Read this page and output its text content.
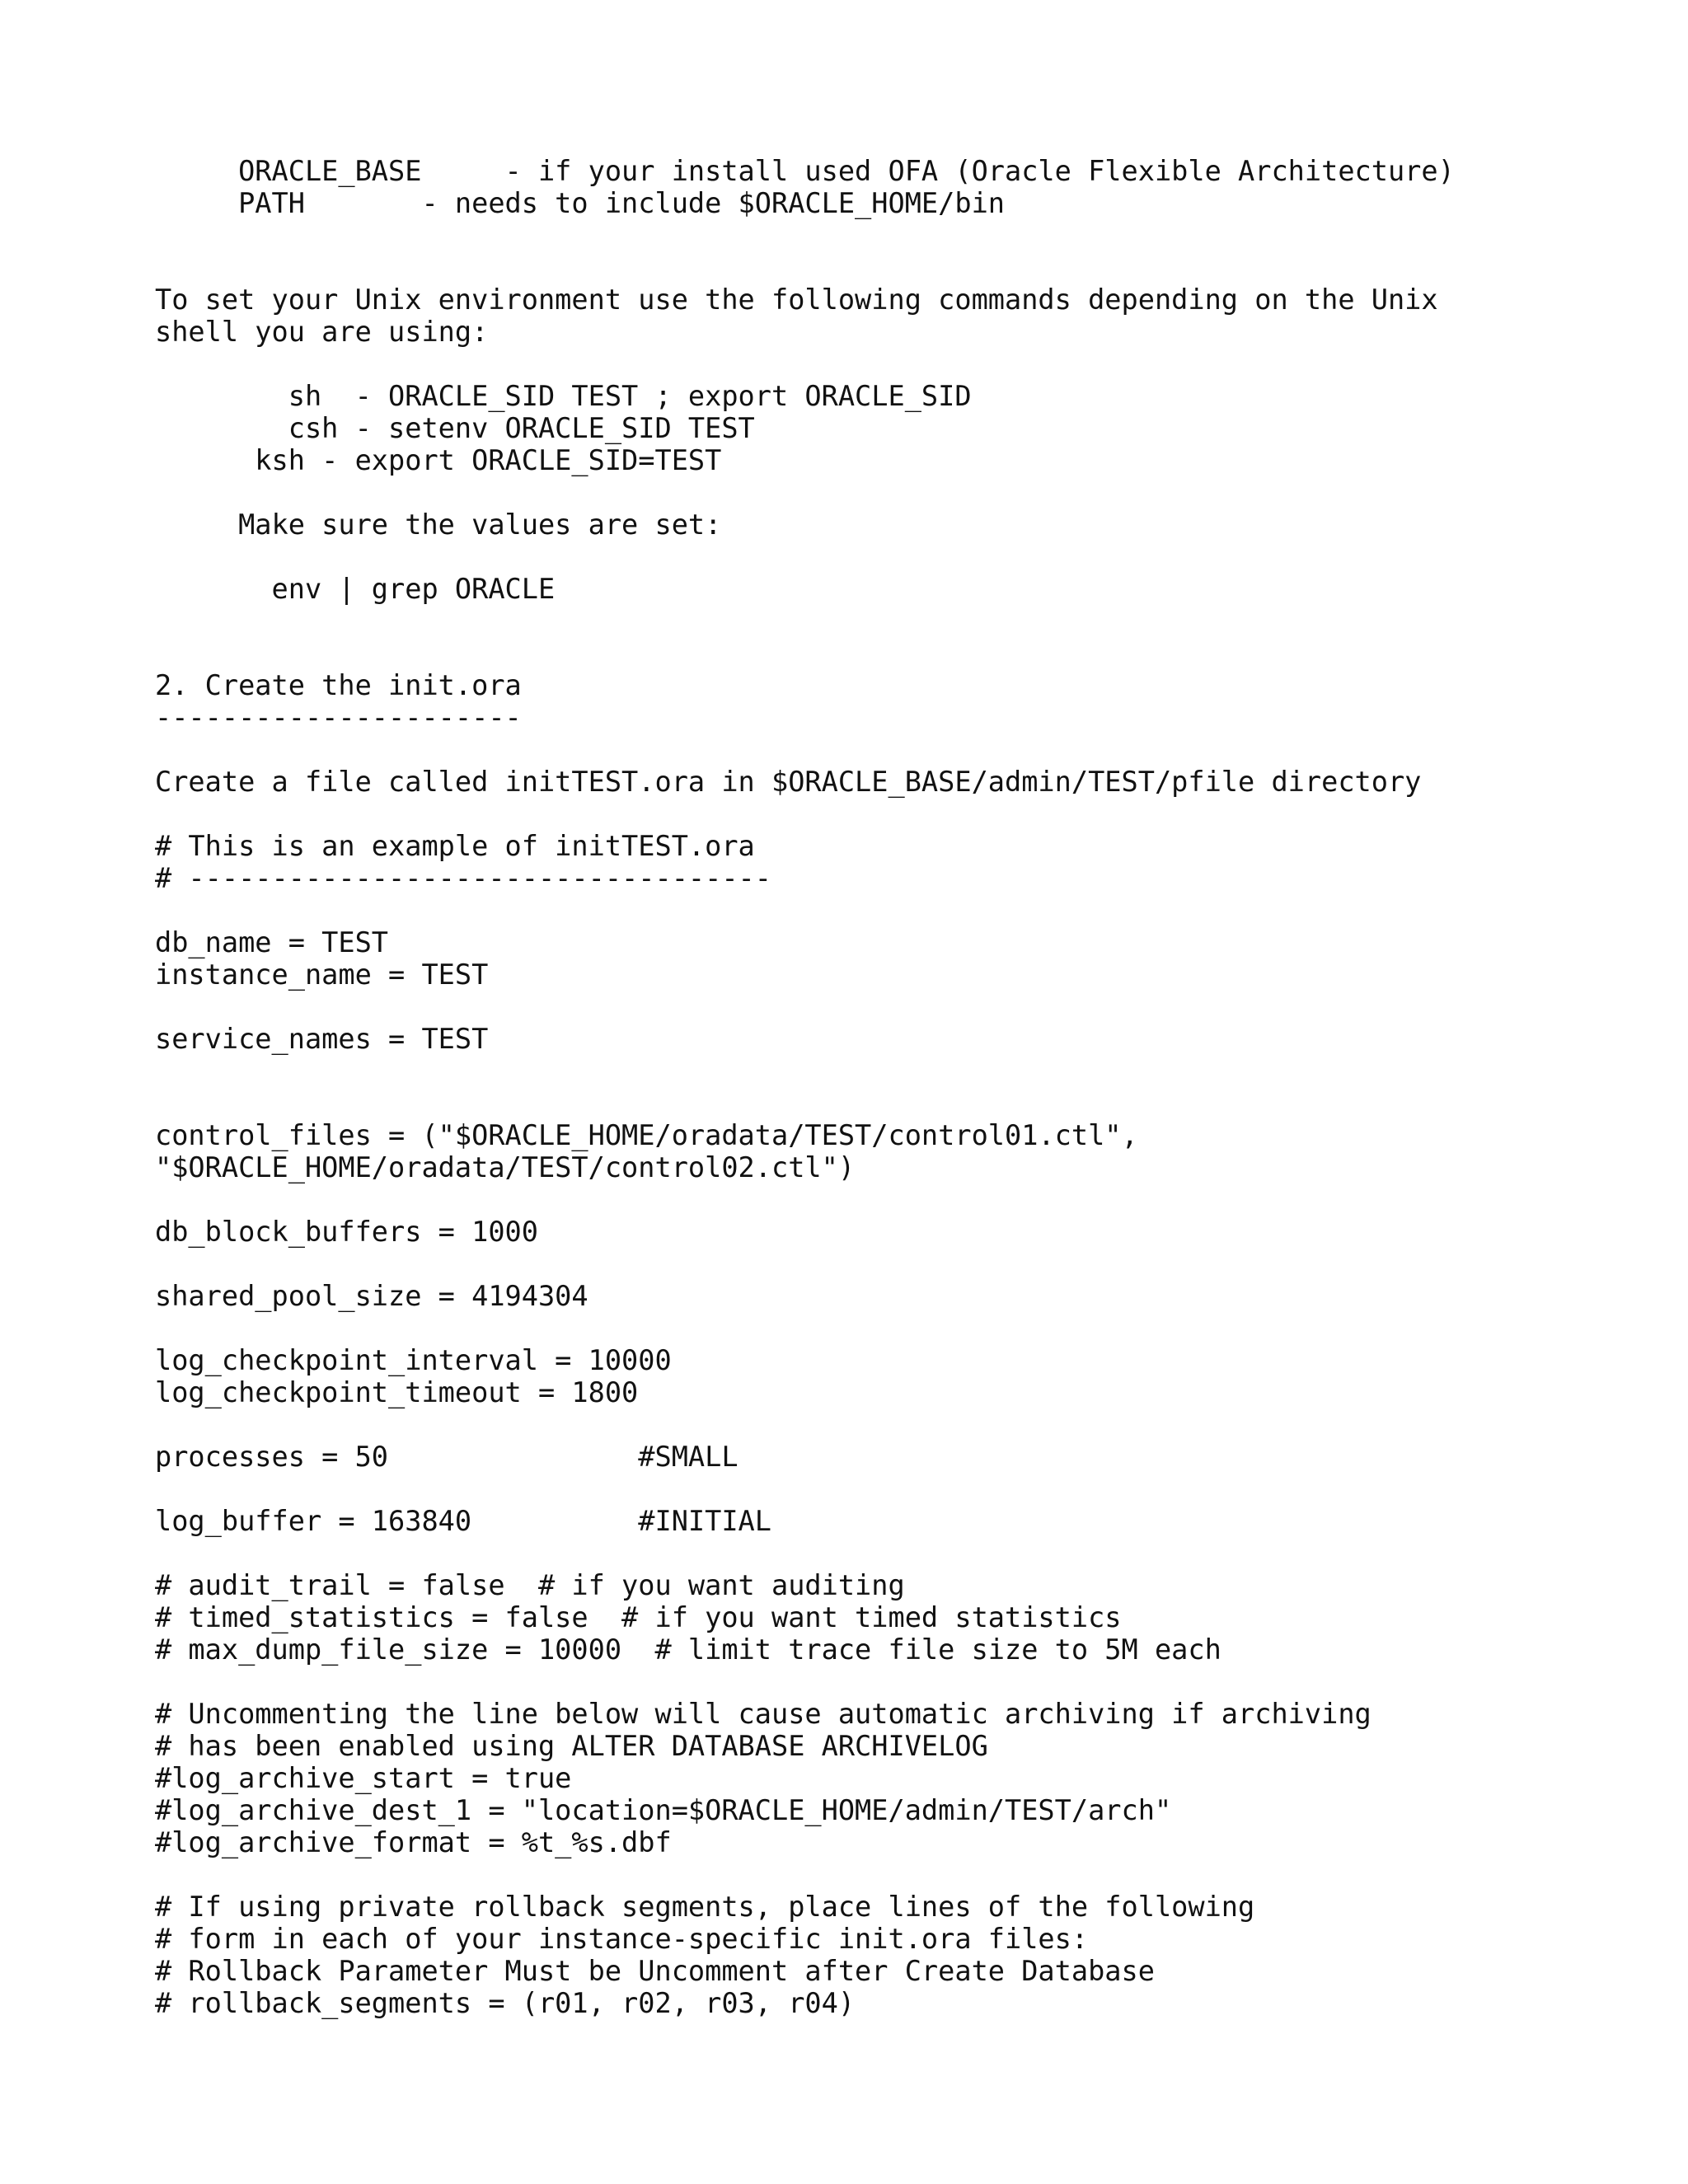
ORACLE_BASE     - if your install used OFA (Oracle Flexible Architecture)
PATH       - needs to include $ORACLE_HOME/bin
To set your Unix environment use the following commands depending on the Unix
shell you are using:
sh  - ORACLE_SID TEST ; export ORACLE_SID
csh - setenv ORACLE_SID TEST
ksh - export ORACLE_SID=TEST
Make sure the values are set:
env | grep ORACLE
2. Create the init.ora
----------------------
Create a file called initTEST.ora in $ORACLE_BASE/admin/TEST/pfile directory
# This is an example of initTEST.ora
# -----------------------------------
db_name = TEST
instance_name = TEST
service_names = TEST
control_files = ("$ORACLE_HOME/oradata/TEST/control01.ctl",
"$ORACLE_HOME/oradata/TEST/control02.ctl")
db_block_buffers = 1000
shared_pool_size = 4194304
log_checkpoint_interval = 10000
log_checkpoint_timeout = 1800
processes = 50               #SMALL
log_buffer = 163840          #INITIAL
# audit_trail = false  # if you want auditing
# timed_statistics = false  # if you want timed statistics
# max_dump_file_size = 10000  # limit trace file size to 5M each
# Uncommenting the line below will cause automatic archiving if archiving
# has been enabled using ALTER DATABASE ARCHIVELOG
#log_archive_start = true
#log_archive_dest_1 = "location=$ORACLE_HOME/admin/TEST/arch"
#log_archive_format = %t_%s.dbf
# If using private rollback segments, place lines of the following
# form in each of your instance-specific init.ora files:
# Rollback Parameter Must be Uncomment after Create Database
# rollback_segments = (r01, r02, r03, r04)
